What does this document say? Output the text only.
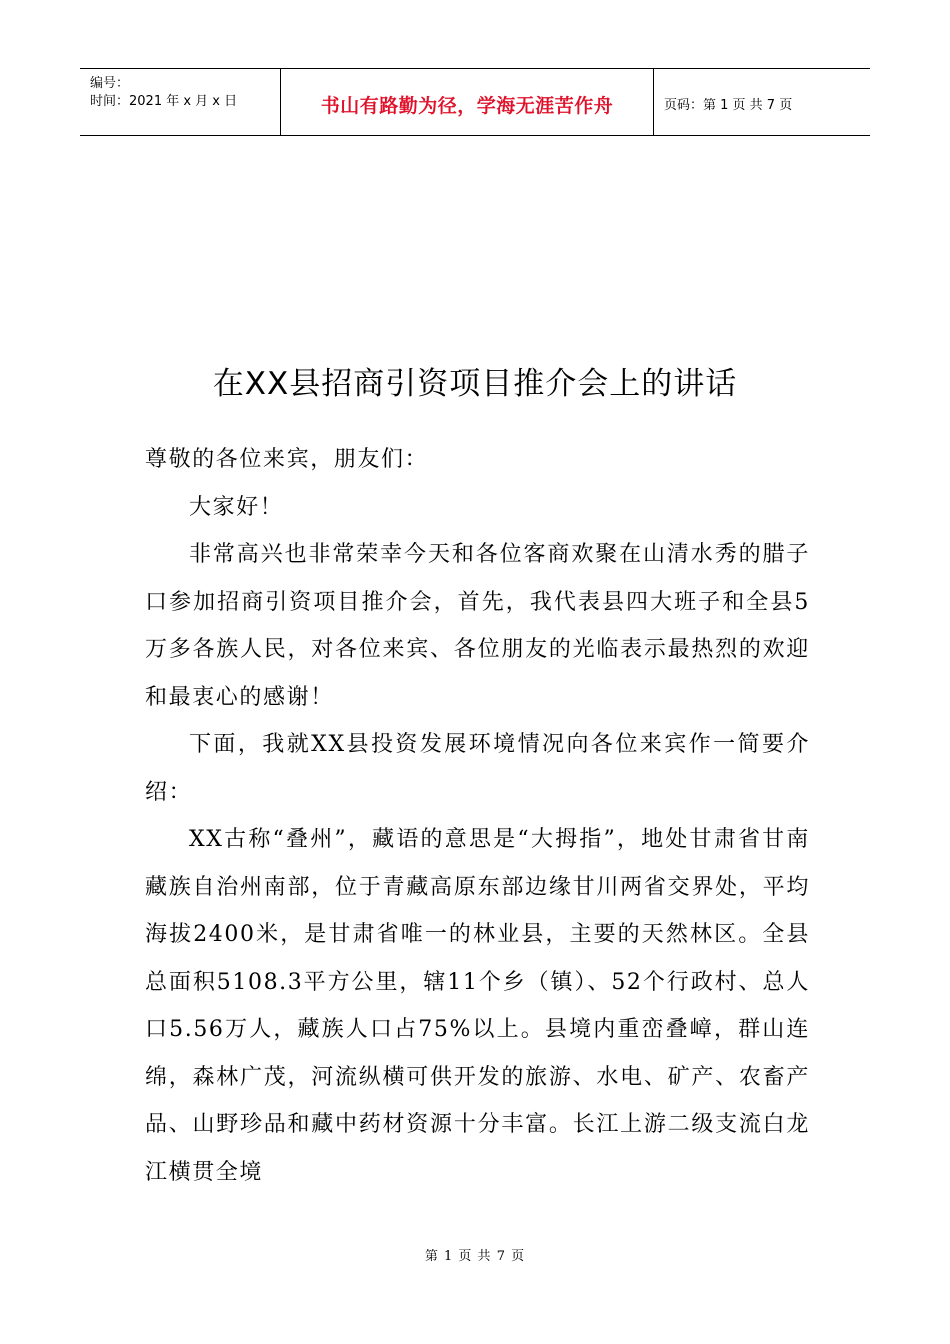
编号：
时间：2021 年 x 月 x 日	书山有路勤为径，学海无涯苦作舟	页码：第 1 页 共 7 页
在XX县招商引资项目推介会上的讲话

尊敬的各位来宾，朋友们：

大家好！

非常高兴也非常荣幸今天和各位客商欢聚在山清水秀的腊子口参加招商引资项目推介会，首先，我代表县四大班子和全县5万多各族人民，对各位来宾、各位朋友的光临表示最热烈的欢迎和最衷心的感谢！

下面，我就XX县投资发展环境情况向各位来宾作一简要介绍：

XX古称“叠州”，藏语的意思是“大拇指”，地处甘肃省甘南藏族自治州南部，位于青藏高原东部边缘甘川两省交界处，平均海拔2400米，是甘肃省唯一的林业县，主要的天然林区。全县总面积5108.3平方公里，辖11个乡（镇）、52个行政村、总人口5.56万人，藏族人口占75%以上。县境内重峦叠嶂，群山连绵，森林广茂，河流纵横可供开发的旅游、水电、矿产、农畜产品、山野珍品和藏中药材资源十分丰富。长江上游二级支流白龙江横贯全境

第 1 页 共 7 页
